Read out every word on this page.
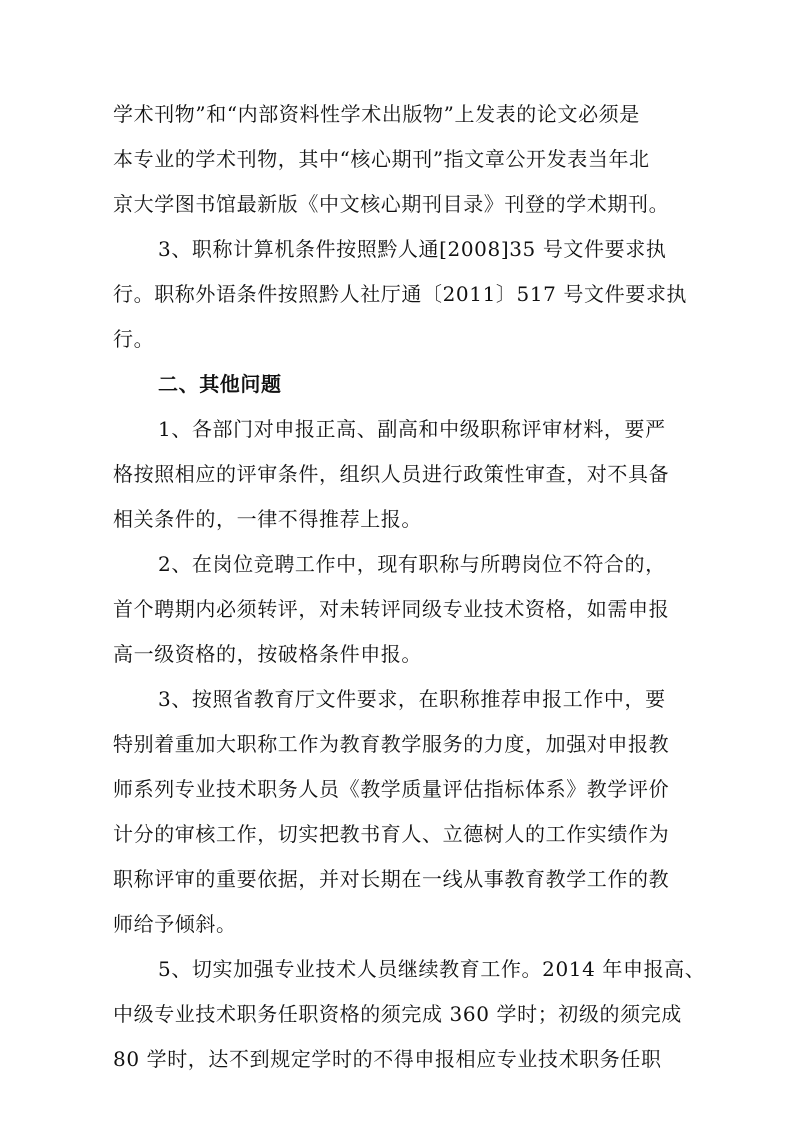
学术刊物”和“内部资料性学术出版物”上发表的论文必须是
本专业的学术刊物，其中“核心期刊”指文章公开发表当年北
京大学图书馆最新版《中文核心期刊目录》刊登的学术期刊。
3、职称计算机条件按照黔人通[2008]35 号文件要求执
行。职称外语条件按照黔人社厅通〔2011〕517 号文件要求执
行。
二、其他问题
1、各部门对申报正高、副高和中级职称评审材料，要严
格按照相应的评审条件，组织人员进行政策性审查，对不具备
相关条件的，一律不得推荐上报。
2、在岗位竞聘工作中，现有职称与所聘岗位不符合的，
首个聘期内必须转评，对未转评同级专业技术资格，如需申报
高一级资格的，按破格条件申报。
3、按照省教育厅文件要求，在职称推荐申报工作中，要
特别着重加大职称工作为教育教学服务的力度，加强对申报教
师系列专业技术职务人员《教学质量评估指标体系》教学评价
计分的审核工作，切实把教书育人、立德树人的工作实绩作为
职称评审的重要依据，并对长期在一线从事教育教学工作的教
师给予倾斜。
5、切实加强专业技术人员继续教育工作。2014 年申报高、
中级专业技术职务任职资格的须完成 360 学时；初级的须完成
80 学时，达不到规定学时的不得申报相应专业技术职务任职
